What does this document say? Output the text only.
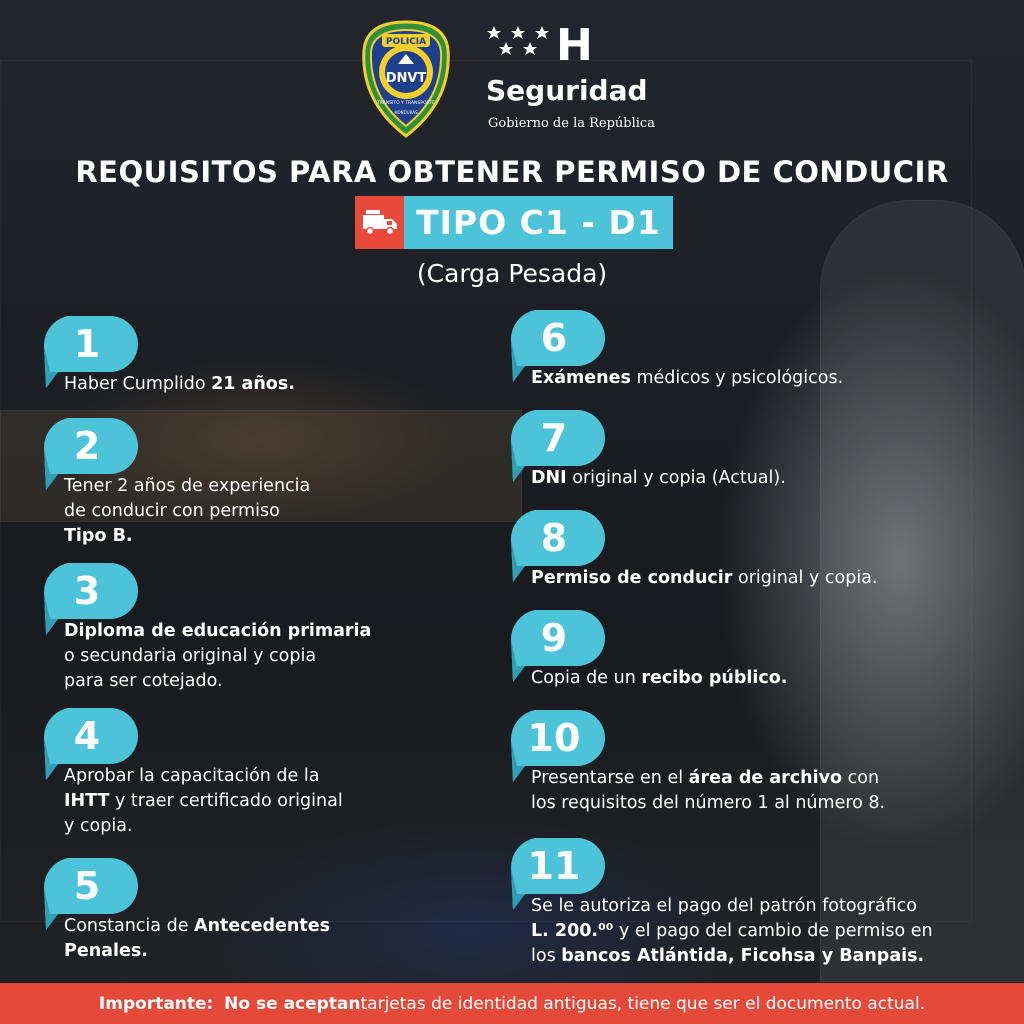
POLICIA
DNVT
TRÁNSITO Y TRANSPORTE
HONDURAS
H
Seguridad
Gobierno de la República
REQUISITOS PARA OBTENER PERMISO DE CONDUCIR
TIPO C1 - D1
(Carga Pesada)
1
Haber Cumplido 21 años.
2
Tener 2 años de experiencia
de conducir con permiso
Tipo B.
3
Diploma de educación primaria
o secundaria original y copia
para ser cotejado.
4
Aprobar la capacitación de la
IHTT y traer certificado original
y copia.
5
Constancia de Antecedentes
Penales.
6
Exámenes médicos y psicológicos.
7
DNI original y copia (Actual).
8
Permiso de conducir original y copia.
9
Copia de un recibo público.
10
Presentarse en el área de archivo con
los requisitos del número 1 al número 8.
11
Se le autoriza el pago del patrón fotográfico
L. 200.⁰⁰ y el pago del cambio de permiso en
los bancos Atlántida, Ficohsa y Banpais.
Importante:
No se aceptan tarjetas de identidad antiguas, tiene que ser el documento actual.
